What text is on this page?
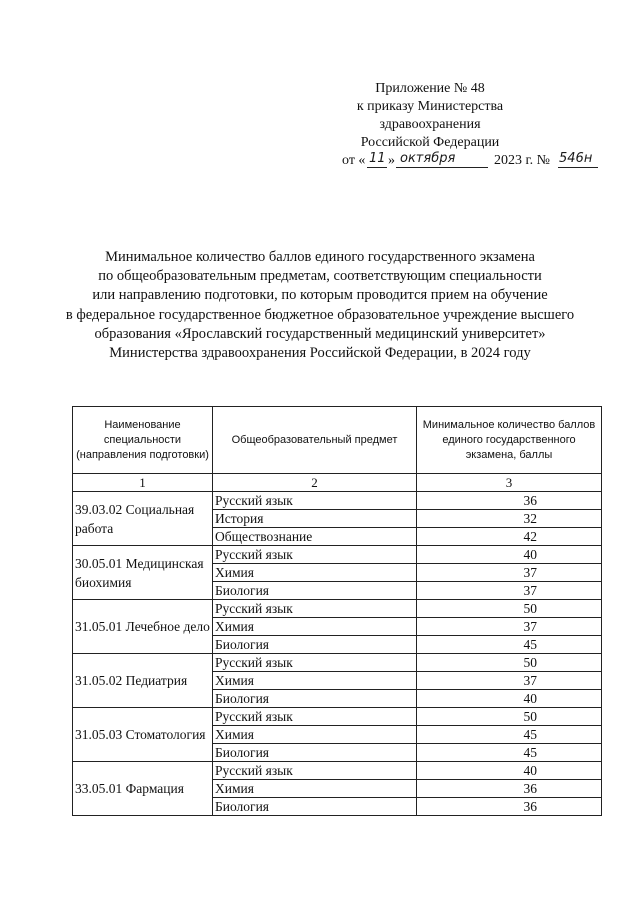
Приложение № 48
к приказу Министерства
здравоохранения
Российской Федерации
от « 11 » октября	2023 г. № 546н
Минимальное количество баллов единого государственного экзамена
по общеобразовательным предметам, соответствующим специальности
или направлению подготовки, по которым проводится прием на обучение
в федеральное государственное бюджетное образовательное учреждение высшего
образования «Ярославский государственный медицинский университет»
Министерства здравоохранения Российской Федерации, в 2024 году
Наименование специальности (направления подготовки)	Общеобразовательный предмет	Минимальное количество баллов единого государственного экзамена, баллы
1	2	3
39.03.02 Социальная работа	Русский язык	36
	История	32
	Обществознание	42
30.05.01 Медицинская биохимия	Русский язык	40
	Химия	37
	Биология	37
31.05.01 Лечебное дело	Русский язык	50
	Химия	37
	Биология	45
31.05.02 Педиатрия	Русский язык	50
	Химия	37
	Биология	40
31.05.03 Стоматология	Русский язык	50
	Химия	45
	Биология	45
33.05.01 Фармация	Русский язык	40
	Химия	36
	Биология	36
